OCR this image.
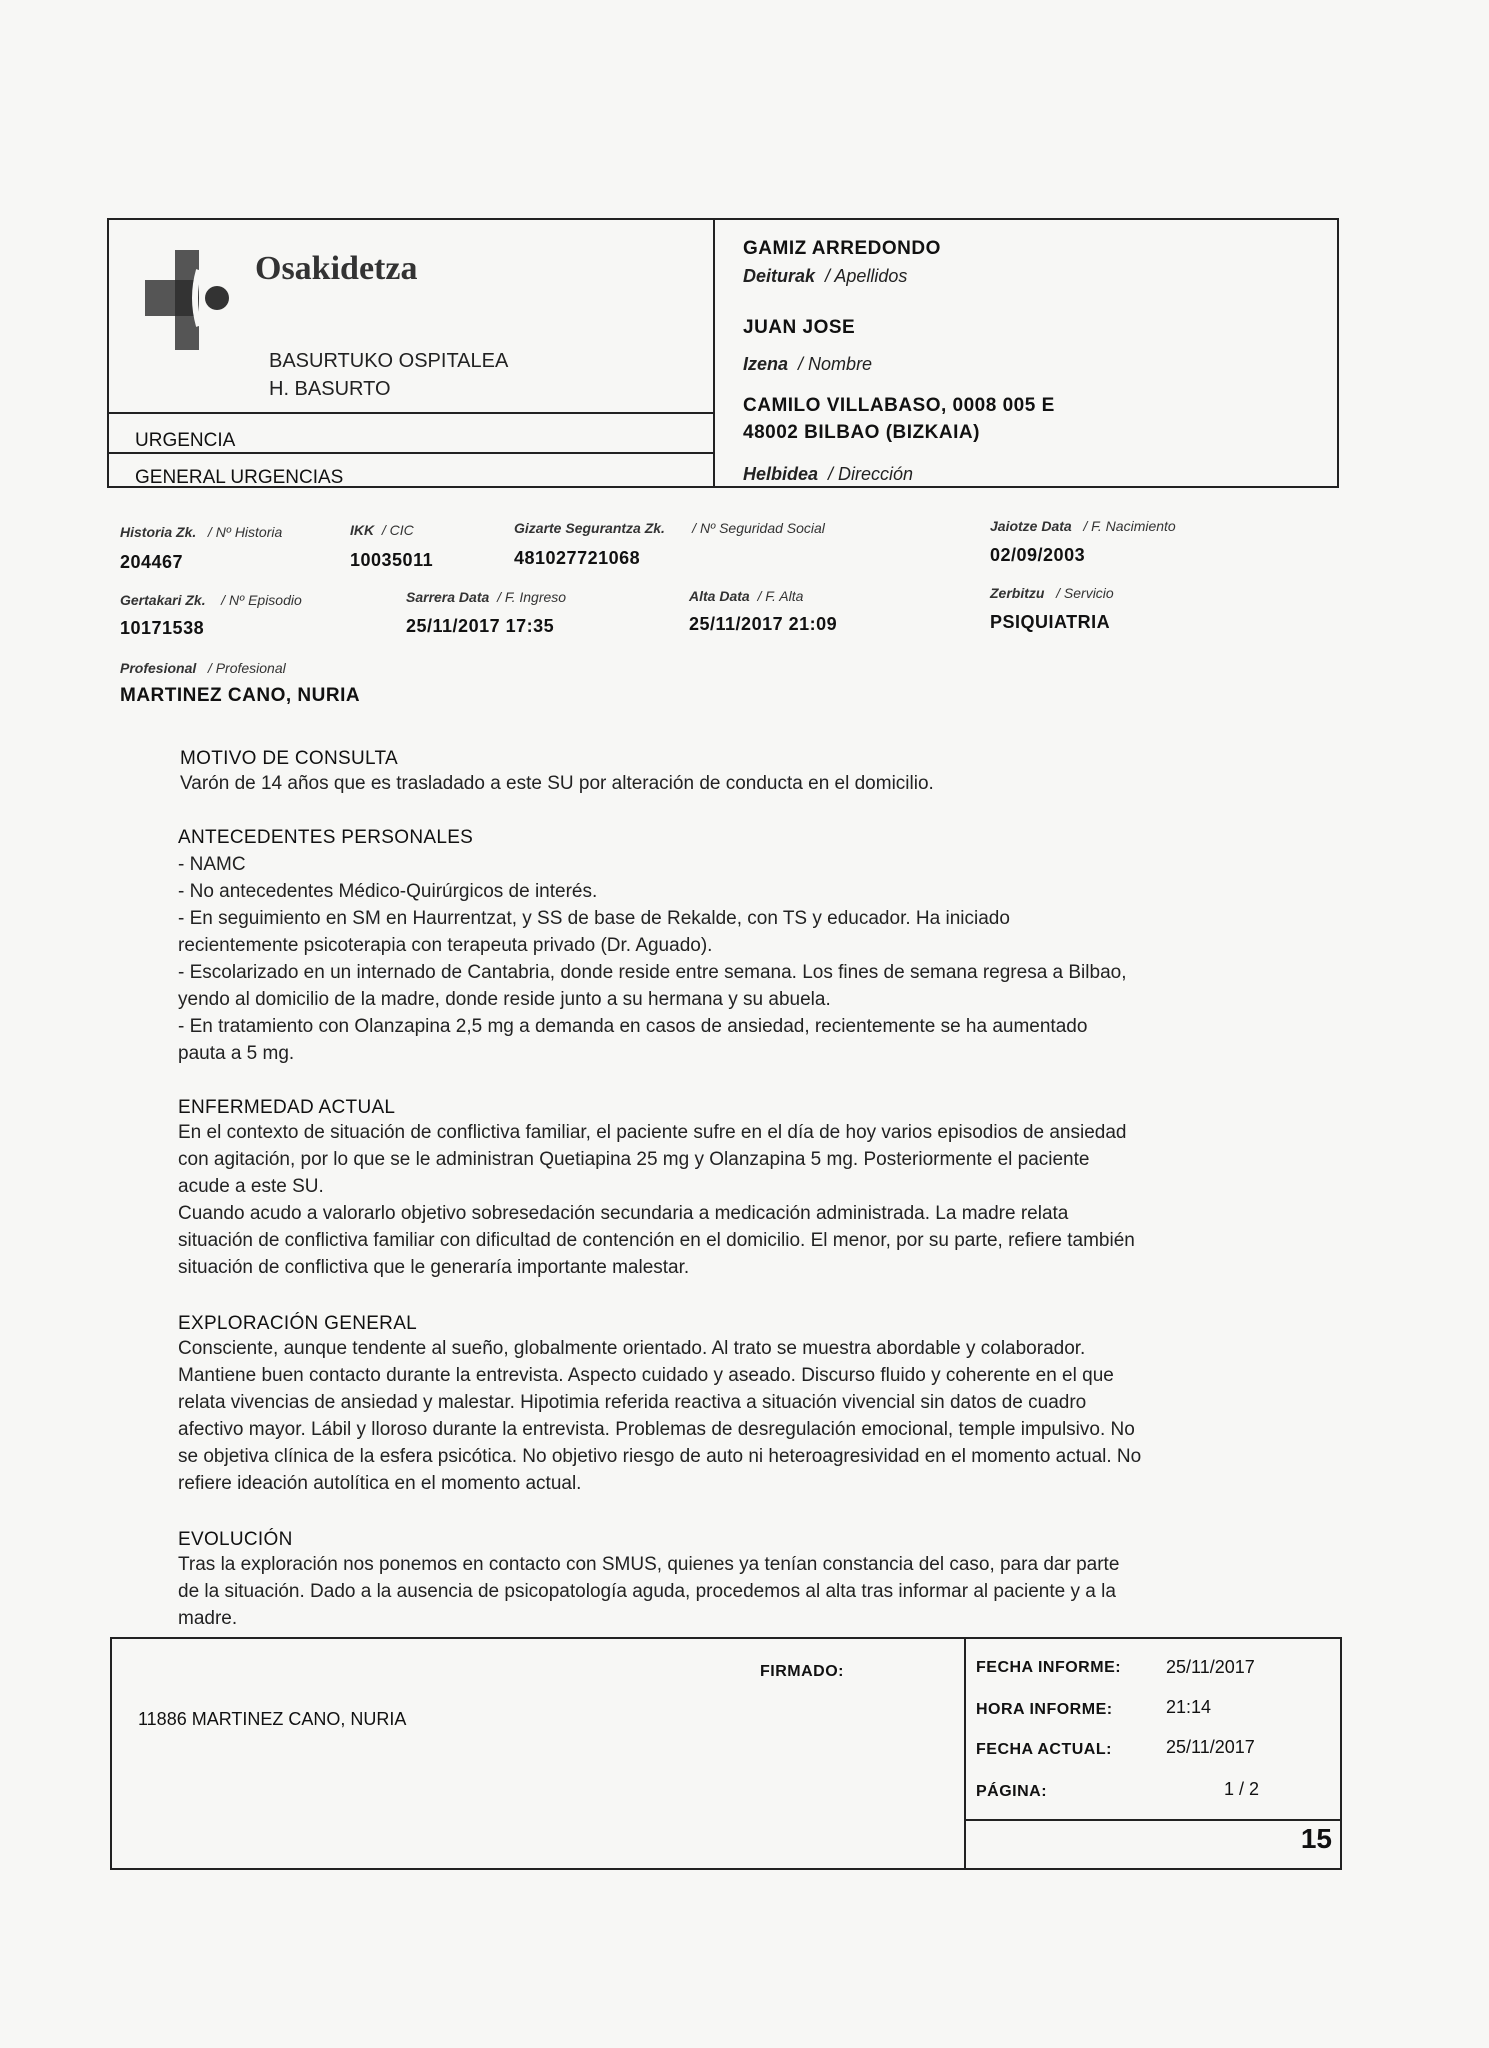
Osakidetza
BASURTUKO OSPITALEA
H. BASURTO
URGENCIA
GENERAL URGENCIAS
GAMIZ ARREDONDO
Deiturak / Apellidos
JUAN JOSE
Izena / Nombre
CAMILO VILLABASO, 0008 005 E
48002 BILBAO (BIZKAIA)
Helbidea / Dirección
Historia Zk. / Nº Historia
204467
IKK / CIC
10035011
Gizarte Segurantza Zk. / Nº Seguridad Social
481027721068
Jaiotze Data / F. Nacimiento
02/09/2003
Gertakari Zk. / Nº Episodio
10171538
Sarrera Data / F. Ingreso
25/11/2017 17:35
Alta Data / F. Alta
25/11/2017 21:09
Zerbitzu / Servicio
PSIQUIATRIA
Profesional / Profesional
MARTINEZ CANO, NURIA
MOTIVO DE CONSULTA
Varón de 14 años que es trasladado a este SU por alteración de conducta en el domicilio.
ANTECEDENTES PERSONALES
- NAMC
- No antecedentes Médico-Quirúrgicos de interés.
- En seguimiento en SM en Haurrentzat, y SS de base de Rekalde, con TS y educador. Ha iniciado
recientemente psicoterapia con terapeuta privado (Dr. Aguado).
- Escolarizado en un internado de Cantabria, donde reside entre semana. Los fines de semana regresa a Bilbao,
yendo al domicilio de la madre, donde reside junto a su hermana y su abuela.
- En tratamiento con Olanzapina 2,5 mg a demanda en casos de ansiedad, recientemente se ha aumentado
pauta a 5 mg.
ENFERMEDAD ACTUAL
En el contexto de situación de conflictiva familiar, el paciente sufre en el día de hoy varios episodios de ansiedad
con agitación, por lo que se le administran Quetiapina 25 mg y Olanzapina 5 mg. Posteriormente el paciente
acude a este SU.
Cuando acudo a valorarlo objetivo sobresedación secundaria a medicación administrada. La madre relata
situación de conflictiva familiar con dificultad de contención en el domicilio. El menor, por su parte, refiere también
situación de conflictiva que le generaría importante malestar.
EXPLORACIÓN GENERAL
Consciente, aunque tendente al sueño, globalmente orientado. Al trato se muestra abordable y colaborador.
Mantiene buen contacto durante la entrevista. Aspecto cuidado y aseado. Discurso fluido y coherente en el que
relata vivencias de ansiedad y malestar. Hipotimia referida reactiva a situación vivencial sin datos de cuadro
afectivo mayor. Lábil y lloroso durante la entrevista. Problemas de desregulación emocional, temple impulsivo. No
se objetiva clínica de la esfera psicótica. No objetivo riesgo de auto ni heteroagresividad en el momento actual. No
refiere ideación autolítica en el momento actual.
EVOLUCIÓN
Tras la exploración nos ponemos en contacto con SMUS, quienes ya tenían constancia del caso, para dar parte
de la situación. Dado a la ausencia de psicopatología aguda, procedemos al alta tras informar al paciente y a la
madre.
FIRMADO:
11886 MARTINEZ CANO, NURIA
FECHA INFORME: 25/11/2017
HORA INFORME:	21:14
FECHA ACTUAL:	25/11/2017
PÁGINA:	1 / 2
15
